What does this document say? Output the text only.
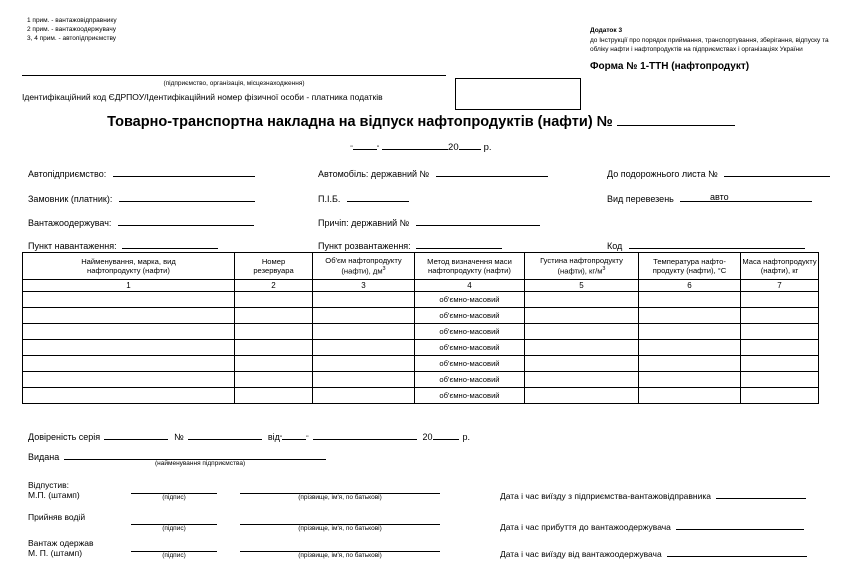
1 прим. - вантажовідправнику
2 прим. - вантажоодержувачу
3, 4 прим. - автопідприємству
Додаток 3
до Інструкції про порядок приймання, транспортування, зберігання, відпуску та обліку нафти і нафтопродуктів на підприємствах і організаціях України
Форма № 1-ТТН (нафтопродукт)
(підприємство, організація, місцезнаходження)
Ідентифікаційний код ЄДРПОУ/Ідентифікаційний номер фізичної особи - платника податків
Товарно-транспортна накладна на відпуск нафтопродуктів (нафти) №
"	"	20	р.
Автопідприємство:
Замовник (платник):
Вантажоодержувач:
Пункт навантаження:
Автомобіль: державний №
П.І.Б.
Причіп: державний №
Пункт розвантаження:
До подорожнього листа №
Вид перевезень	авто
Код
Найменування, марка, вид
нафтопродукту (нафти)

Номер
резервуара

Об'єм нафтопродукту
(нафти), $дм^3$

Метод визначення маси
нафтопродукту (нафти)

Густина нафтопродукту
(нафти), $кг/м^3$

Температура нафто-
продукту (нафти), °C

Маса нафтопродукту
(нафти), кг

1	2	3	4	5	6	7
			об'ємно-масовий			
			об'ємно-масовий			
			об'ємно-масовий			
			об'ємно-масовий			
			об'ємно-масовий			
			об'ємно-масовий			
			об'ємно-масовий			
Довіреність серія	№	від"	"	20	р.
Видана
(найменування підприємства)
Відпустив:
М.П. (штамп)	(підпис)	(прізвище, ім'я, по батькові)	Дата і час виїзду з підприємства-вантажовідправника
Прийняв водій
(підпис)	(прізвище, ім'я, по батькові)	Дата і час прибуття до вантажоодержувача
Вантаж одержав
М. П. (штамп)	(підпис)	(прізвище, ім'я, по батькові)	Дата і час виїзду від вантажоодержувача
